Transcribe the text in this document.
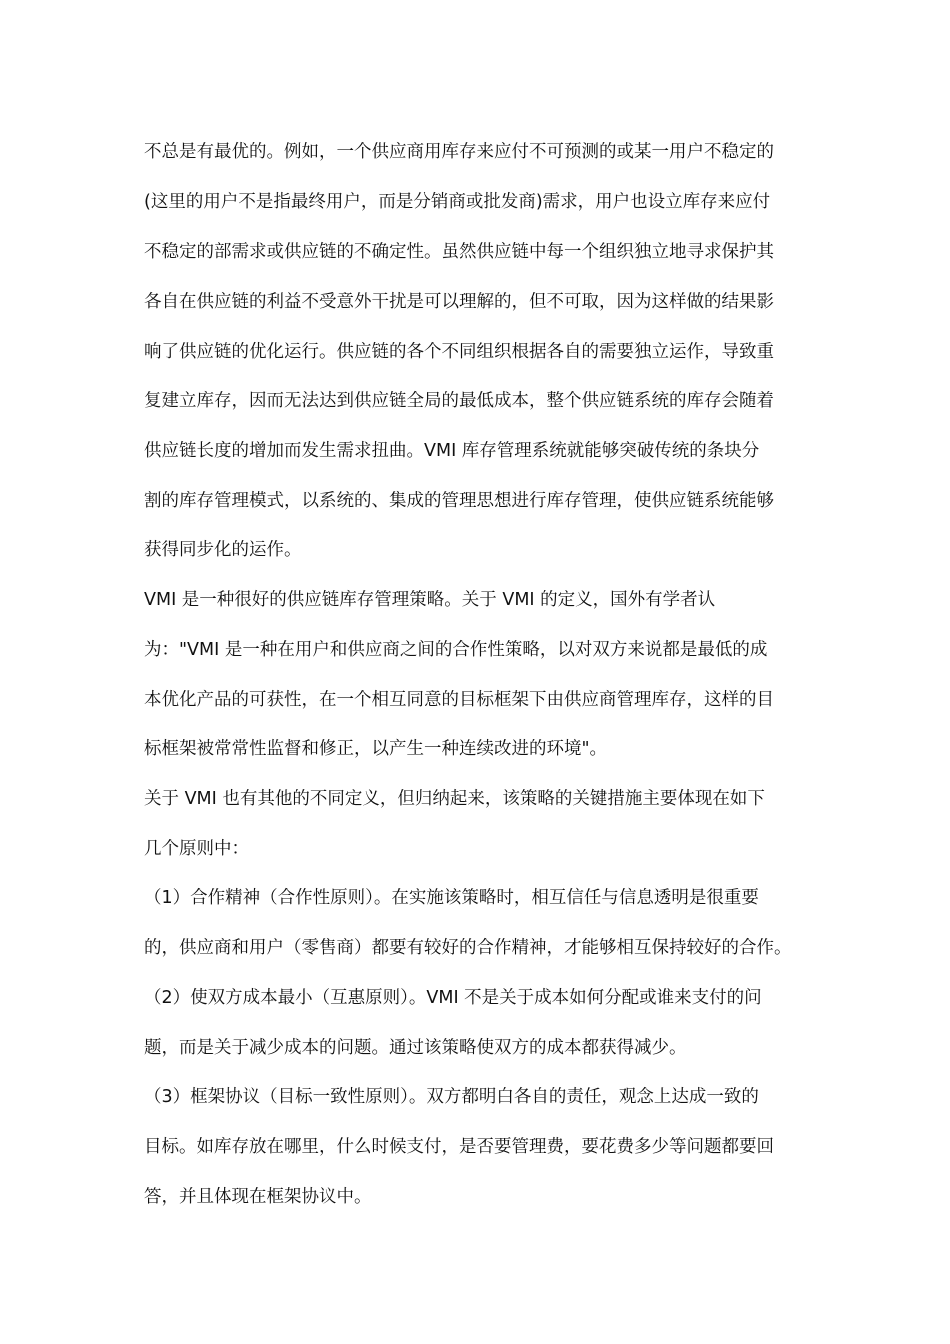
不总是有最优的。例如，一个供应商用库存来应付不可预测的或某一用户不稳定的
(这里的用户不是指最终用户，而是分销商或批发商)需求，用户也设立库存来应付
不稳定的部需求或供应链的不确定性。虽然供应链中每一个组织独立地寻求保护其
各自在供应链的利益不受意外干扰是可以理解的，但不可取，因为这样做的结果影
响了供应链的优化运行。供应链的各个不同组织根据各自的需要独立运作，导致重
复建立库存，因而无法达到供应链全局的最低成本，整个供应链系统的库存会随着
供应链长度的增加而发生需求扭曲。VMI 库存管理系统就能够突破传统的条块分
割的库存管理模式，以系统的、集成的管理思想进行库存管理，使供应链系统能够
获得同步化的运作。
VMI 是一种很好的供应链库存管理策略。关于 VMI 的定义，国外有学者认
为："VMI 是一种在用户和供应商之间的合作性策略，以对双方来说都是最低的成
本优化产品的可获性，在一个相互同意的目标框架下由供应商管理库存，这样的目
标框架被常常性监督和修正，以产生一种连续改进的环境"。
关于 VMI 也有其他的不同定义，但归纳起来，该策略的关键措施主要体现在如下
几个原则中：
（1）合作精神（合作性原则）。在实施该策略时，相互信任与信息透明是很重要
的，供应商和用户（零售商）都要有较好的合作精神，才能够相互保持较好的合作。
（2）使双方成本最小（互惠原则）。VMI 不是关于成本如何分配或谁来支付的问
题，而是关于减少成本的问题。通过该策略使双方的成本都获得减少。
（3）框架协议（目标一致性原则）。双方都明白各自的责任，观念上达成一致的
目标。如库存放在哪里，什么时候支付，是否要管理费，要花费多少等问题都要回
答，并且体现在框架协议中。
